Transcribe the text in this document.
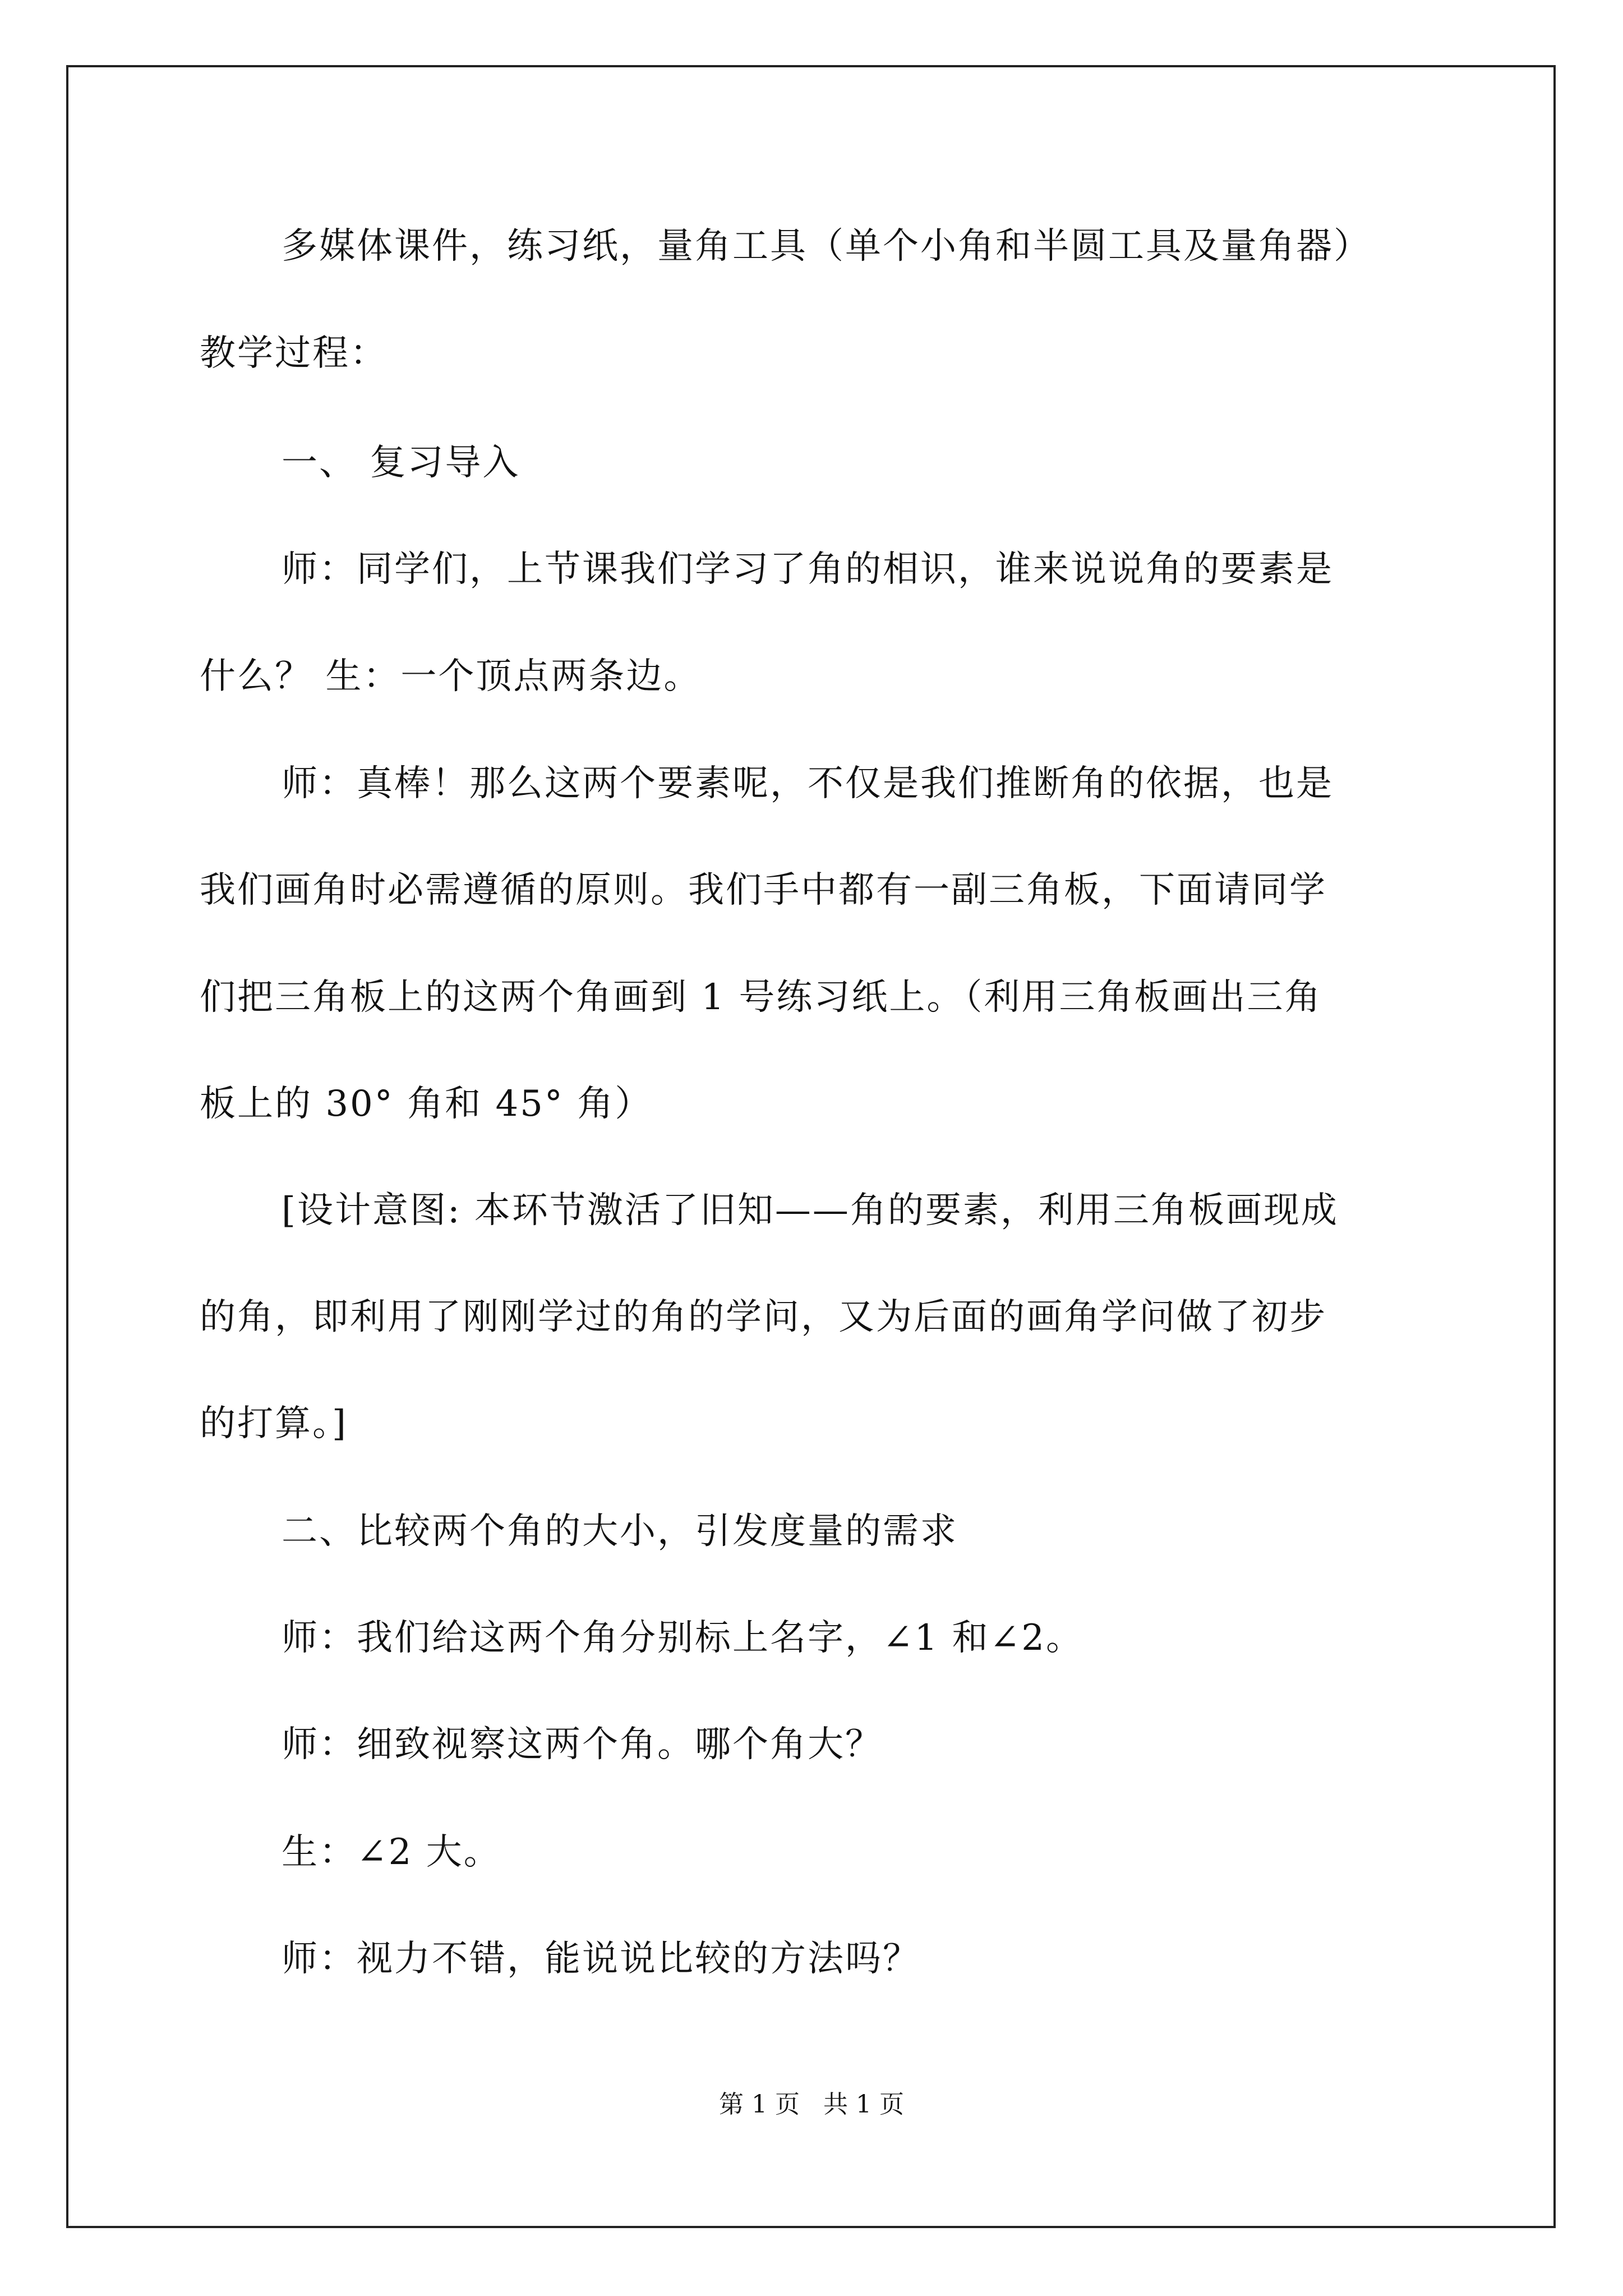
多媒体课件，练习纸，量角工具（单个小角和半圆工具及量角器）
教学过程：
一、 复习导入
师：同学们，上节课我们学习了角的相识，谁来说说角的要素是
什么？ 生：一个顶点两条边。
师：真棒！那么这两个要素呢，不仅是我们推断角的依据，也是
我们画角时必需遵循的原则。我们手中都有一副三角板，下面请同学
们把三角板上的这两个角画到 1 号练习纸上。（利用三角板画出三角
板上的 30° 角和 45° 角）
[设计意图: 本环节激活了旧知——角的要素，利用三角板画现成
的角，即利用了刚刚学过的角的学问，又为后面的画角学问做了初步
的打算。]
二、比较两个角的大小，引发度量的需求
师：我们给这两个角分别标上名字，∠1 和∠2。
师：细致视察这两个角。哪个角大？
生：∠2 大。
师：视力不错，能说说比较的方法吗？
第 1 页   共 1 页
